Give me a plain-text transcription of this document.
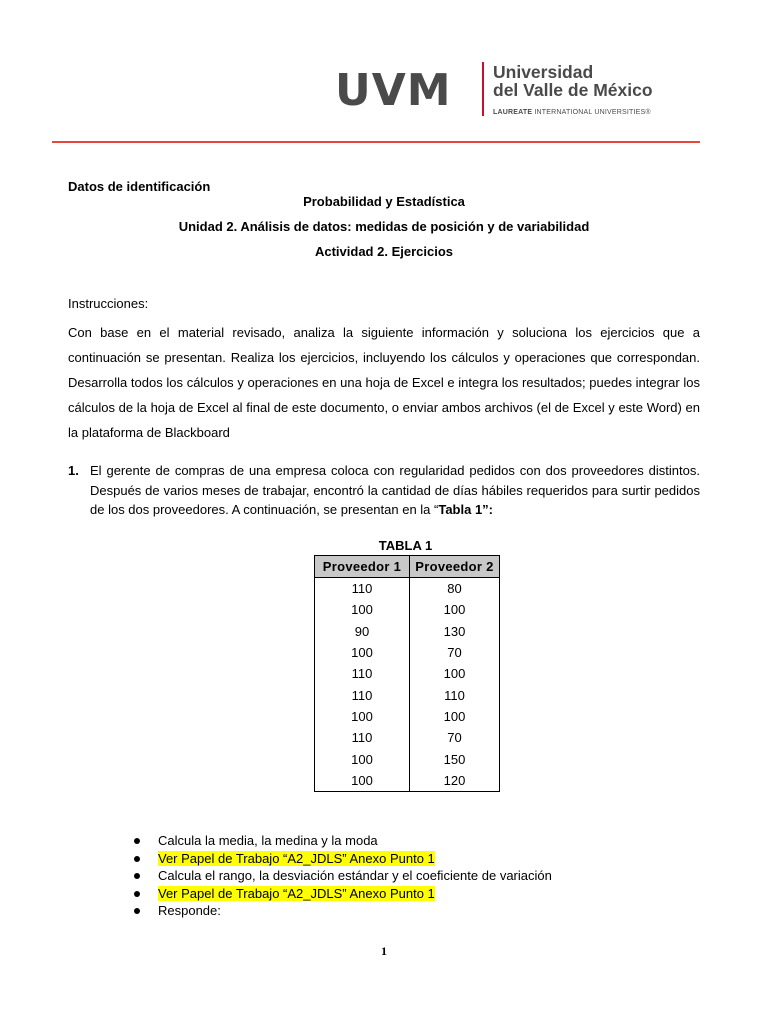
UVM Universidad
del Valle de México
LAUREATE INTERNATIONAL UNIVERSITIES®
Datos de identificación
Probabilidad y Estadística
Unidad 2. Análisis de datos: medidas de posición y de variabilidad
Actividad 2. Ejercicios
Instrucciones:
Con base en el material revisado, analiza la siguiente información y soluciona los ejercicios que a continuación se presentan. Realiza los ejercicios, incluyendo los cálculos y operaciones que correspondan. Desarrolla todos los cálculos y operaciones en una hoja de Excel e integra los resultados; puedes integrar los cálculos de la hoja de Excel al final de este documento, o enviar ambos archivos (el de Excel y este Word) en la plataforma de Blackboard
1. El gerente de compras de una empresa coloca con regularidad pedidos con dos proveedores distintos. Después de varios meses de trabajar, encontró la cantidad de días hábiles requeridos para surtir pedidos de los dos proveedores. A continuación, se presentan en la “Tabla 1”:
TABLA 1
Proveedor 1	Proveedor 2
110	80
100	100
90	130
100	70
110	100
110	110
100	100
110	70
100	150
100	120
Calcula la media, la medina y la moda
Ver Papel de Trabajo “A2_JDLS” Anexo Punto 1
Calcula el rango, la desviación estándar y el coeficiente de variación
Ver Papel de Trabajo “A2_JDLS” Anexo Punto 1
Responde:
1
